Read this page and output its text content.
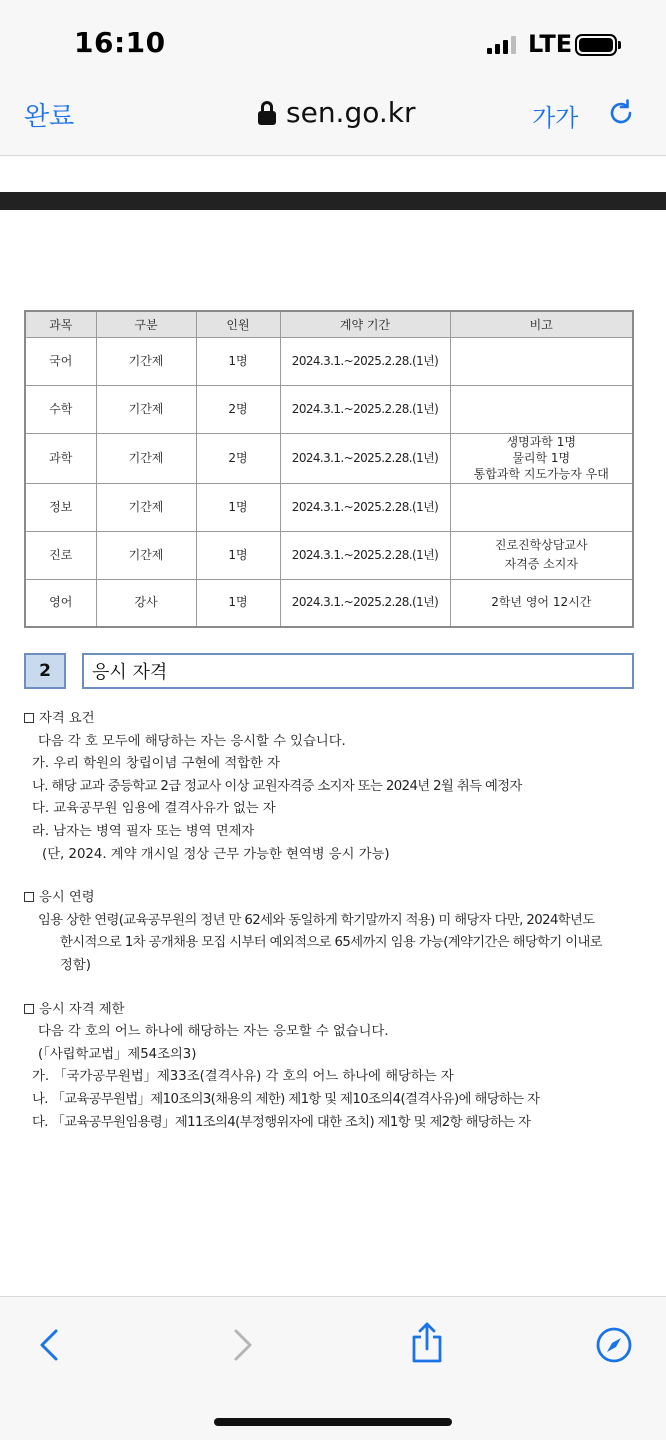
16:10	LTE
완료	sen.go.kr	가가
과목	구분	인원	계약 기간	비고
국어	기간제	1명	2024.3.1.~2025.2.28.(1년)	
수학	기간제	2명	2024.3.1.~2025.2.28.(1년)	
과학	기간제	2명	2024.3.1.~2025.2.28.(1년)	생명과학 1명
물리학 1명
통합과학 지도가능자 우대

정보	기간제	1명	2024.3.1.~2025.2.28.(1년)	
진로	기간제	1명	2024.3.1.~2025.2.28.(1년)	진로진학상담교사
자격증 소지자

영어	강사	1명	2024.3.1.~2025.2.28.(1년)	2학년 영어 12시간
2	응시 자격
자격 요건
다음 각 호 모두에 해당하는 자는 응시할 수 있습니다.
가. 우리 학원의 창립이념 구현에 적합한 자
나. 해당 교과 중등학교 2급 정교사 이상 교원자격증 소지자 또는 2024년 2월 취득 예정자
다. 교육공무원 임용에 결격사유가 없는 자
라. 남자는 병역 필자 또는 병역 면제자
(단, 2024. 계약 개시일 정상 근무 가능한 현역병 응시 가능)
응시 연령
임용 상한 연령(교육공무원의 정년 만 62세와 동일하게 학기말까지 적용) 미 해당자 다만, 2024학년도
한시적으로 1차 공개채용 모집 시부터 예외적으로 65세까지 임용 가능(계약기간은 해당학기 이내로
정함)
응시 자격 제한
다음 각 호의 어느 하나에 해당하는 자는 응모할 수 없습니다.
(「사립학교법」제54조의3)
가. 「국가공무원법」제33조(결격사유) 각 호의 어느 하나에 해당하는 자
나. 「교육공무원법」제10조의3(채용의 제한) 제1항 및 제10조의4(결격사유)에 해당하는 자
다. 「교육공무원임용령」제11조의4(부정행위자에 대한 조치) 제1항 및 제2항 해당하는 자
